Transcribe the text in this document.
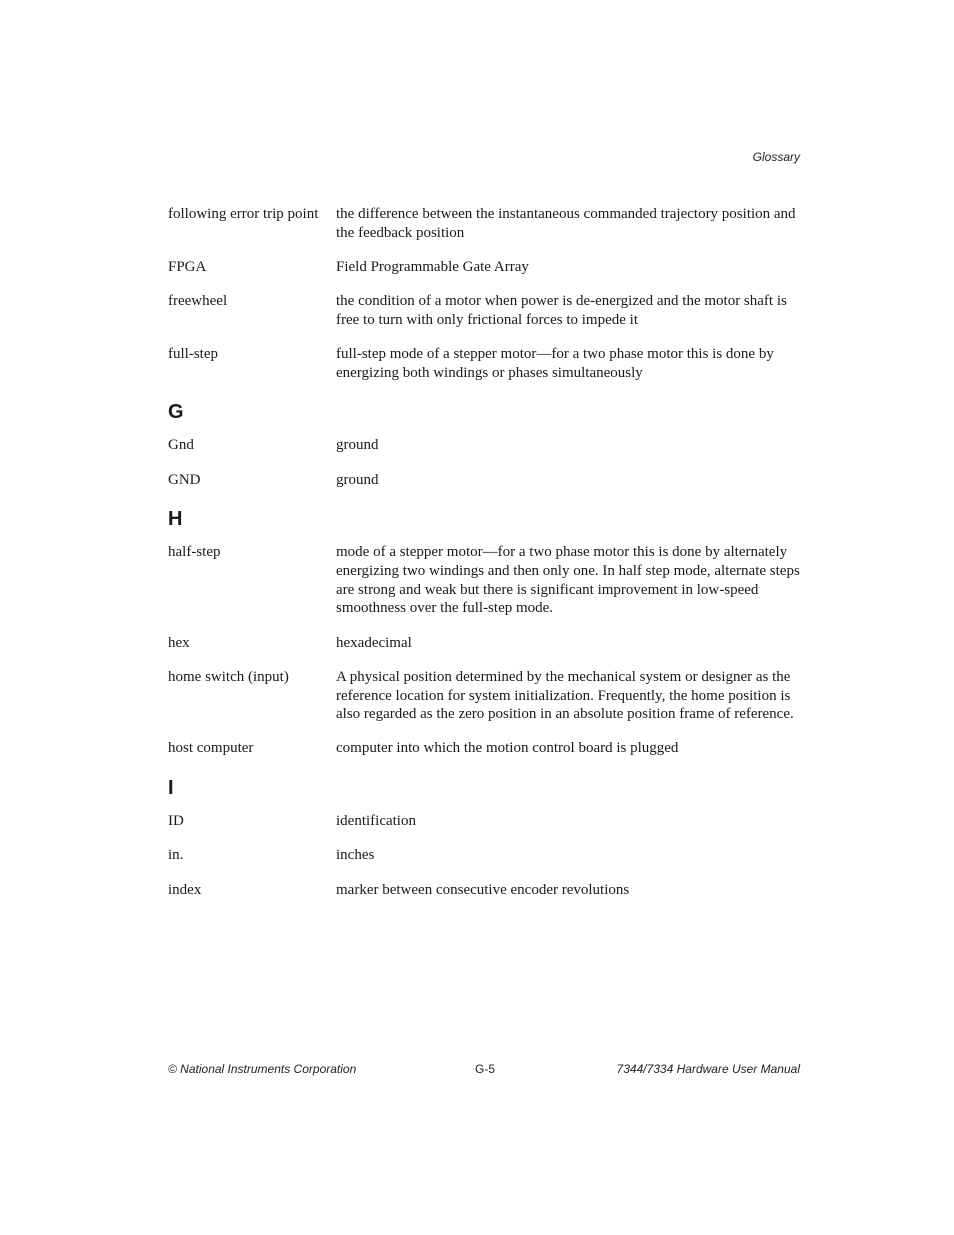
Glossary
following error trip point	the difference between the instantaneous commanded trajectory position and the feedback position
FPGA	Field Programmable Gate Array
freewheel	the condition of a motor when power is de-energized and the motor shaft is free to turn with only frictional forces to impede it
full-step	full-step mode of a stepper motor—for a two phase motor this is done by energizing both windings or phases simultaneously
G
Gnd	ground
GND	ground
H
half-step	mode of a stepper motor—for a two phase motor this is done by alternately energizing two windings and then only one. In half step mode, alternate steps are strong and weak but there is significant improvement in low-speed smoothness over the full-step mode.
hex	hexadecimal
home switch (input)	A physical position determined by the mechanical system or designer as the reference location for system initialization. Frequently, the home position is also regarded as the zero position in an absolute position frame of reference.
host computer	computer into which the motion control board is plugged
I
ID	identification
in.	inches
index	marker between consecutive encoder revolutions
© National Instruments Corporation	G-5	7344/7334 Hardware User Manual
